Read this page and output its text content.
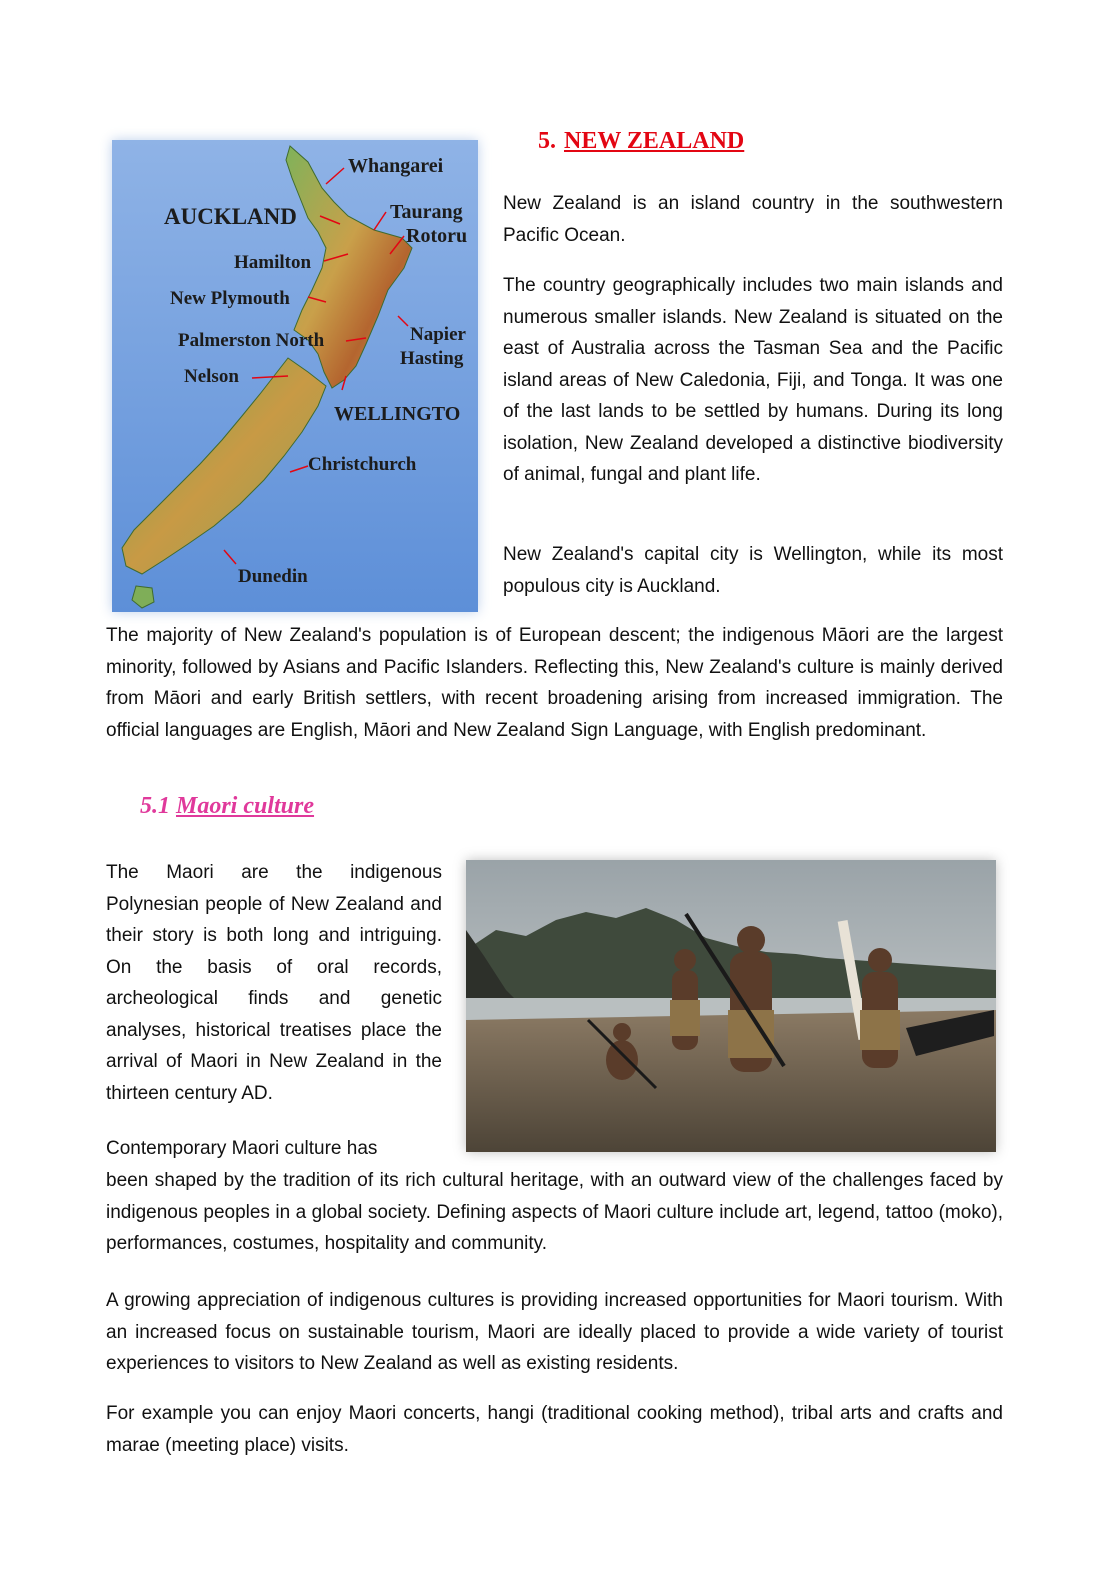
Whangarei
AUCKLAND	Taurang
Rotoru
Hamilton
New Plymouth
Palmerston North	Napier
Hasting
Nelson
WELLINGTO
Christchurch
Dunedin
5. NEW ZEALAND

New Zealand is an island country in the southwestern Pacific Ocean.

The country geographically includes two main islands and numerous smaller islands. New Zealand is situated on the east of Australia across the Tasman Sea and the Pacific island areas of New Caledonia, Fiji, and Tonga. It was one of the last lands to be settled by humans. During its long isolation, New Zealand developed a distinctive biodiversity of animal, fungal and plant life.

New Zealand's capital city is Wellington, while its most populous city is Auckland.

The majority of New Zealand's population is of European descent; the indigenous Māori are the largest minority, followed by Asians and Pacific Islanders. Reflecting this, New Zealand's culture is mainly derived from Māori and early British settlers, with recent broadening arising from increased immigration. The official languages are English, Māori and New Zealand Sign Language, with English predominant.

5.1 Maori culture

The Maori are the indigenous Polynesian people of New Zealand and their story is both long and intriguing. On the basis of oral records, archeological finds and genetic analyses, historical treatises place the arrival of Maori in New Zealand in the thirteen century AD.

Contemporary Maori culture has

been shaped by the tradition of its rich cultural heritage, with an outward view of the challenges faced by indigenous peoples in a global society. Defining aspects of Maori culture include art, legend, tattoo (moko), performances, costumes, hospitality and community.

A growing appreciation of indigenous cultures is providing increased opportunities for Maori tourism. With an increased focus on sustainable tourism, Maori are ideally placed to provide a wide variety of tourist experiences to visitors to New Zealand as well as existing residents.

For example you can enjoy Maori concerts, hangi (traditional cooking method), tribal arts and crafts and marae (meeting place) visits.
